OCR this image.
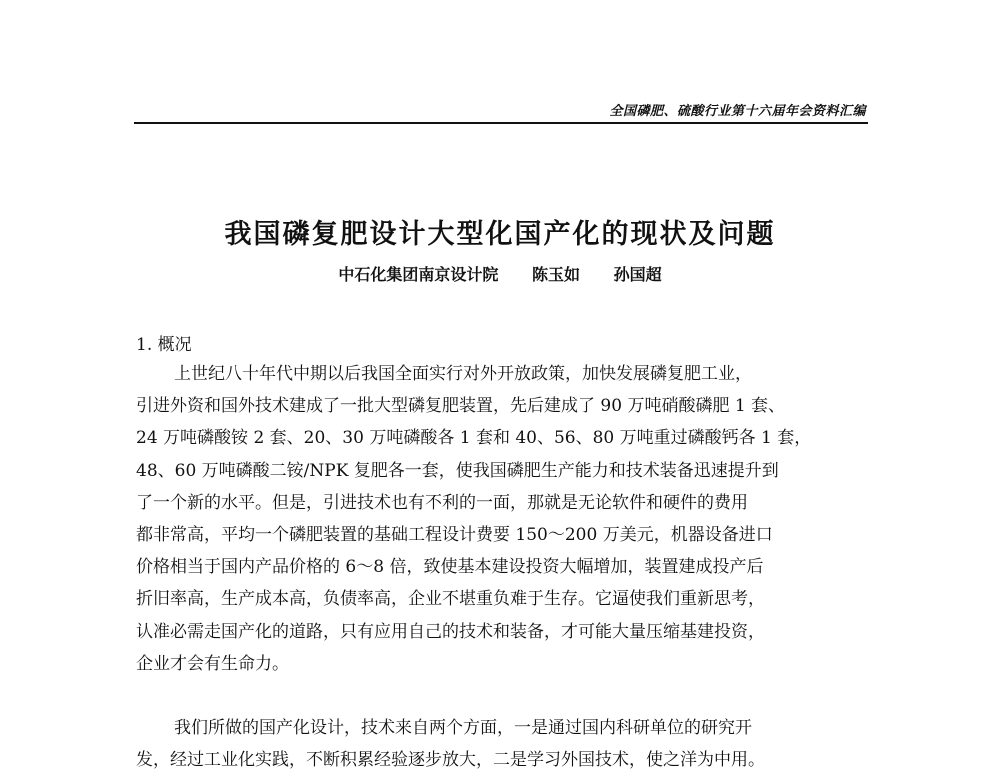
全国磷肥、硫酸行业第十六届年会资料汇编
我国磷复肥设计大型化国产化的现状及问题
中石化集团南京设计院 陈玉如 孙国超
1. 概况
上世纪八十年代中期以后我国全面实行对外开放政策，加快发展磷复肥工业，
引进外资和国外技术建成了一批大型磷复肥装置，先后建成了 90 万吨硝酸磷肥 1 套、
24 万吨磷酸铵 2 套、20、30 万吨磷酸各 1 套和 40、56、80 万吨重过磷酸钙各 1 套，
48、60 万吨磷酸二铵/NPK 复肥各一套，使我国磷肥生产能力和技术装备迅速提升到
了一个新的水平。但是，引进技术也有不利的一面，那就是无论软件和硬件的费用
都非常高，平均一个磷肥装置的基础工程设计费要 150～200 万美元，机器设备进口
价格相当于国内产品价格的 6～8 倍，致使基本建设投资大幅增加，装置建成投产后
折旧率高，生产成本高，负债率高，企业不堪重负难于生存。它逼使我们重新思考，
认准必需走国产化的道路，只有应用自己的技术和装备，才可能大量压缩基建投资，
企业才会有生命力。
我们所做的国产化设计，技术来自两个方面，一是通过国内科研单位的研究开
发，经过工业化实践，不断积累经验逐步放大，二是学习外国技术，使之洋为中用。
